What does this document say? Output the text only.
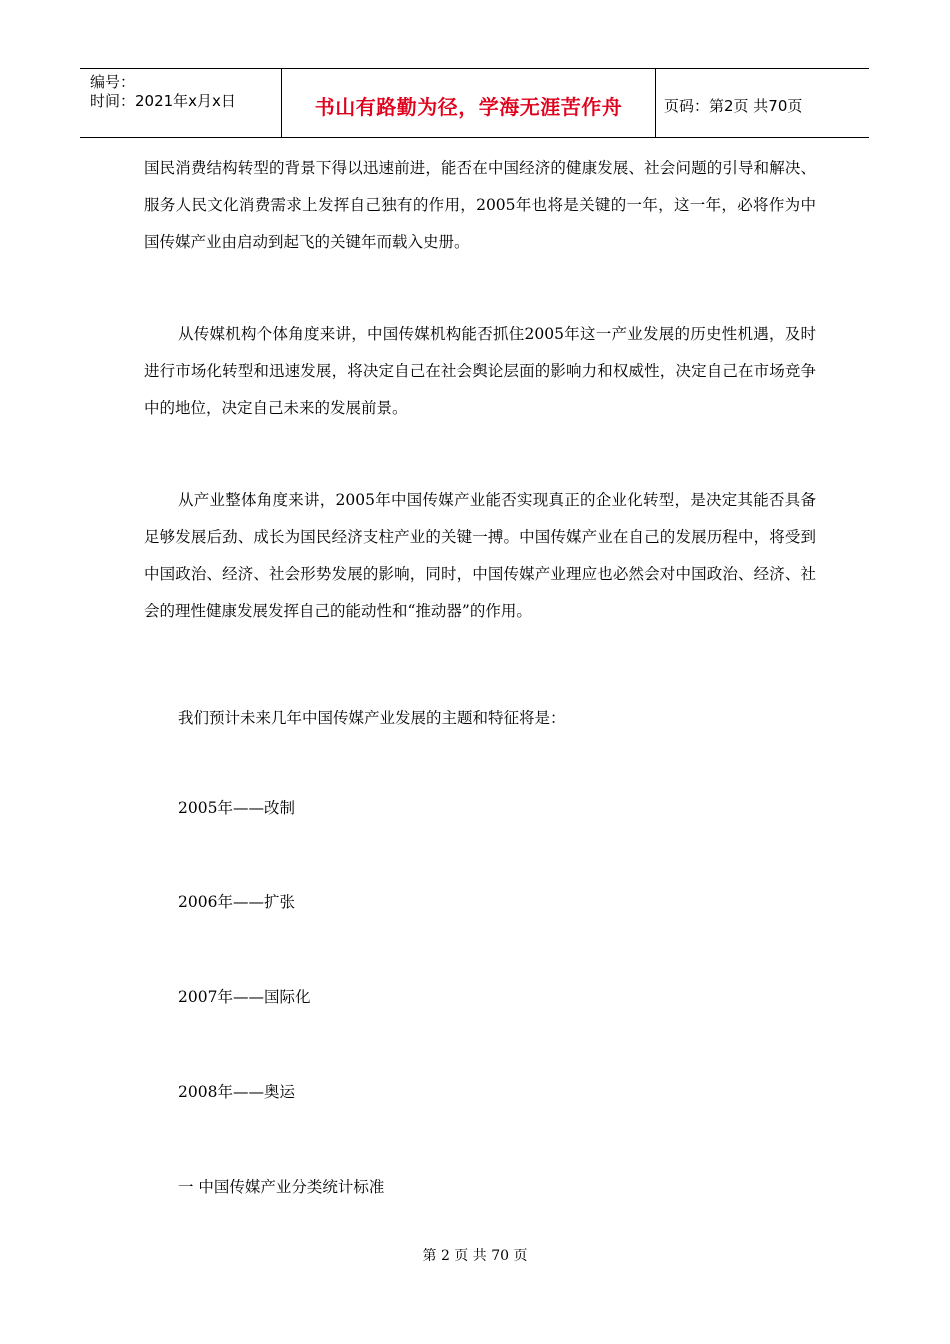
编号：
时间：2021年x月x日	书山有路勤为径，学海无涯苦作舟	页码：第2页 共70页

国民消费结构转型的背景下得以迅速前进，能否在中国经济的健康发展、社会问题的引导和解决、服务人民文化消费需求上发挥自己独有的作用，2005年也将是关键的一年，这一年，必将作为中国传媒产业由启动到起飞的关键年而载入史册。

从传媒机构个体角度来讲，中国传媒机构能否抓住2005年这一产业发展的历史性机遇，及时进行市场化转型和迅速发展，将决定自己在社会舆论层面的影响力和权威性，决定自己在市场竞争中的地位，决定自己未来的发展前景。

从产业整体角度来讲，2005年中国传媒产业能否实现真正的企业化转型，是决定其能否具备足够发展后劲、成长为国民经济支柱产业的关键一搏。中国传媒产业在自己的发展历程中，将受到中国政治、经济、社会形势发展的影响，同时，中国传媒产业理应也必然会对中国政治、经济、社会的理性健康发展发挥自己的能动性和“推动器”的作用。

我们预计未来几年中国传媒产业发展的主题和特征将是：

2005年——改制

2006年——扩张

2007年——国际化

2008年——奥运

一 中国传媒产业分类统计标准

第 2 页 共 70 页
